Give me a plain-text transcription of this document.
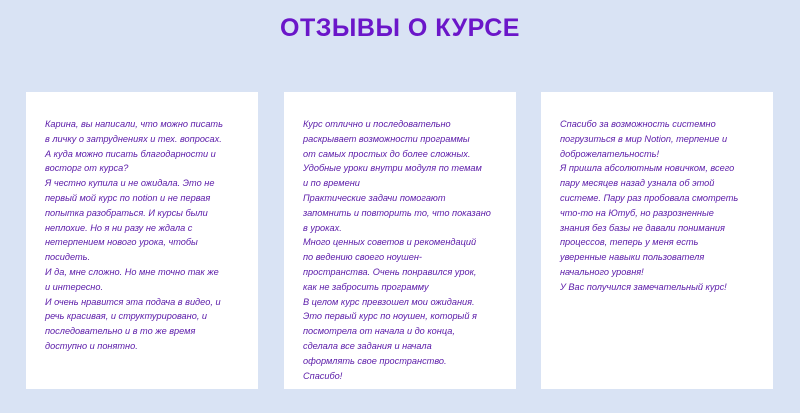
ОТЗЫВЫ О КУРСЕ
Карина, вы написали, что можно писать
в личку о затруднениях и тех. вопросах.
А куда можно писать благодарности и
восторг от курса?
Я честно купила и не ожидала. Это не
первый мой курс по notion и не первая
попытка разобраться. И курсы были
неплохие. Но я ни разу не ждала с
нетерпением нового урока, чтобы
посидеть.
И да, мне сложно. Но мне точно так же
и интересно.
И очень нравится эта подача в видео, и
речь красивая, и структурировано, и
последовательно и в то же время
доступно и понятно.
Курс отлично и последовательно
раскрывает возможности программы
от самых простых до более сложных.
Удобные уроки внутри модуля по темам
и по времени
Практические задачи помогают
запомнить и повторить то, что показано
в уроках.
Много ценных советов и рекомендаций
по ведению своего ноушен-
пространства. Очень понравился урок,
как не забросить программу
В целом курс превзошел мои ожидания.
Это первый курс по ноушен, который я
посмотрела от начала и до конца,
сделала все задания и начала
оформлять свое пространство.
Спасибо!
Спасибо за возможность системно
погрузиться в мир Notion, терпение и
доброжелательность!
Я пришла абсолютным новичком, всего
пару месяцев назад узнала об этой
системе. Пару раз пробовала смотреть
что-то на Ютуб, но разрозненные
знания без базы не давали понимания
процессов, теперь у меня есть
уверенные навыки пользователя
начального уровня!
У Вас получился замечательный курс!
